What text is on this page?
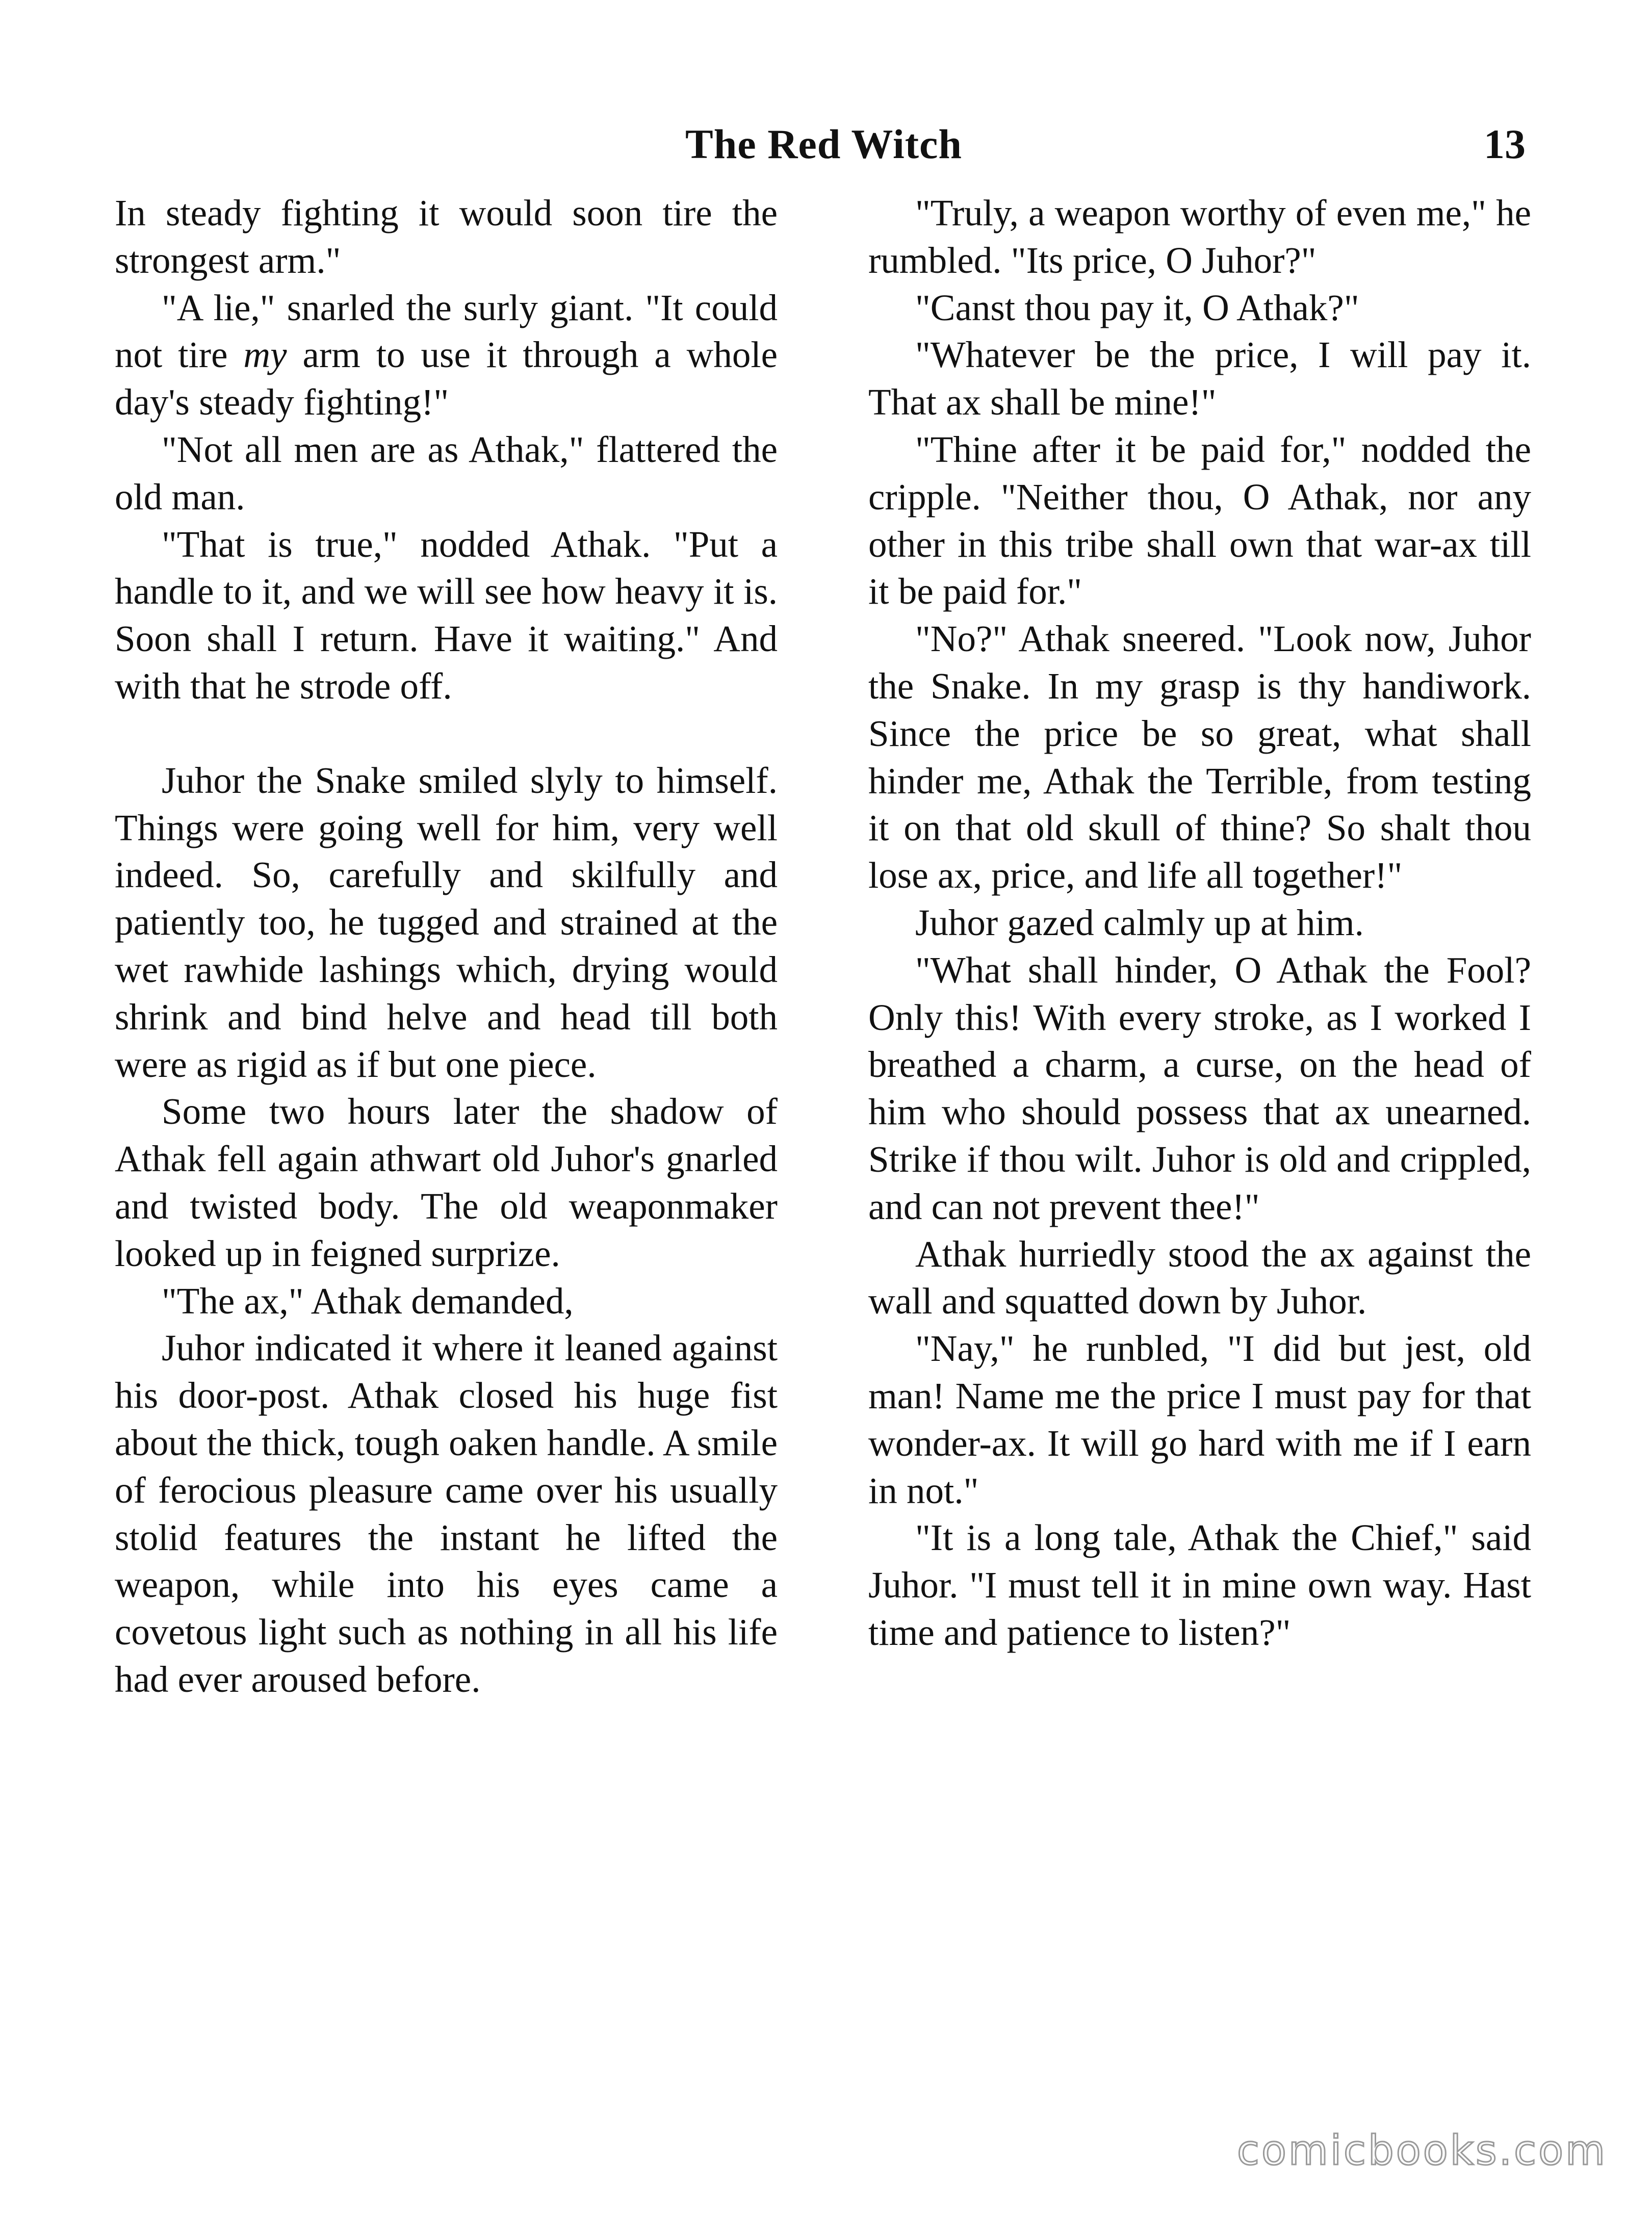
The Red Witch	13

In steady fighting it would soon tire the strongest arm."

"A lie," snarled the surly giant. "It could not tire my arm to use it through a whole day's steady fighting!"

"Not all men are as Athak," flattered the old man.

"That is true," nodded Athak. "Put a handle to it, and we will see how heavy it is. Soon shall I return. Have it waiting." And with that he strode off.

Juhor the Snake smiled slyly to himself. Things were going well for him, very well indeed. So, carefully and skilfully and patiently too, he tugged and strained at the wet rawhide lashings which, drying would shrink and bind helve and head till both were as rigid as if but one piece.

Some two hours later the shadow of Athak fell again athwart old Juhor's gnarled and twisted body. The old weaponmaker looked up in feigned surprize.

"The ax," Athak demanded,

Juhor indicated it where it leaned against his door-post. Athak closed his huge fist about the thick, tough oaken handle. A smile of ferocious pleasure came over his usually stolid features the instant he lifted the weapon, while into his eyes came a covetous light such as nothing in all his life had ever aroused before.

"Truly, a weapon worthy of even me," he rumbled. "Its price, O Juhor?"

"Canst thou pay it, O Athak?"

"Whatever be the price, I will pay it. That ax shall be mine!"

"Thine after it be paid for," nodded the cripple. "Neither thou, O Athak, nor any other in this tribe shall own that war-ax till it be paid for."

"No?" Athak sneered. "Look now, Juhor the Snake. In my grasp is thy handiwork. Since the price be so great, what shall hinder me, Athak the Terrible, from testing it on that old skull of thine? So shalt thou lose ax, price, and life all together!"

Juhor gazed calmly up at him.

"What shall hinder, O Athak the Fool? Only this! With every stroke, as I worked I breathed a charm, a curse, on the head of him who should possess that ax unearned. Strike if thou wilt. Juhor is old and crippled, and can not prevent thee!"

Athak hurriedly stood the ax against the wall and squatted down by Juhor.

"Nay," he runbled, "I did but jest, old man! Name me the price I must pay for that wonder-ax. It will go hard with me if I earn in not."

"It is a long tale, Athak the Chief," said Juhor. "I must tell it in mine own way. Hast time and patience to listen?"

comicbooks.com
